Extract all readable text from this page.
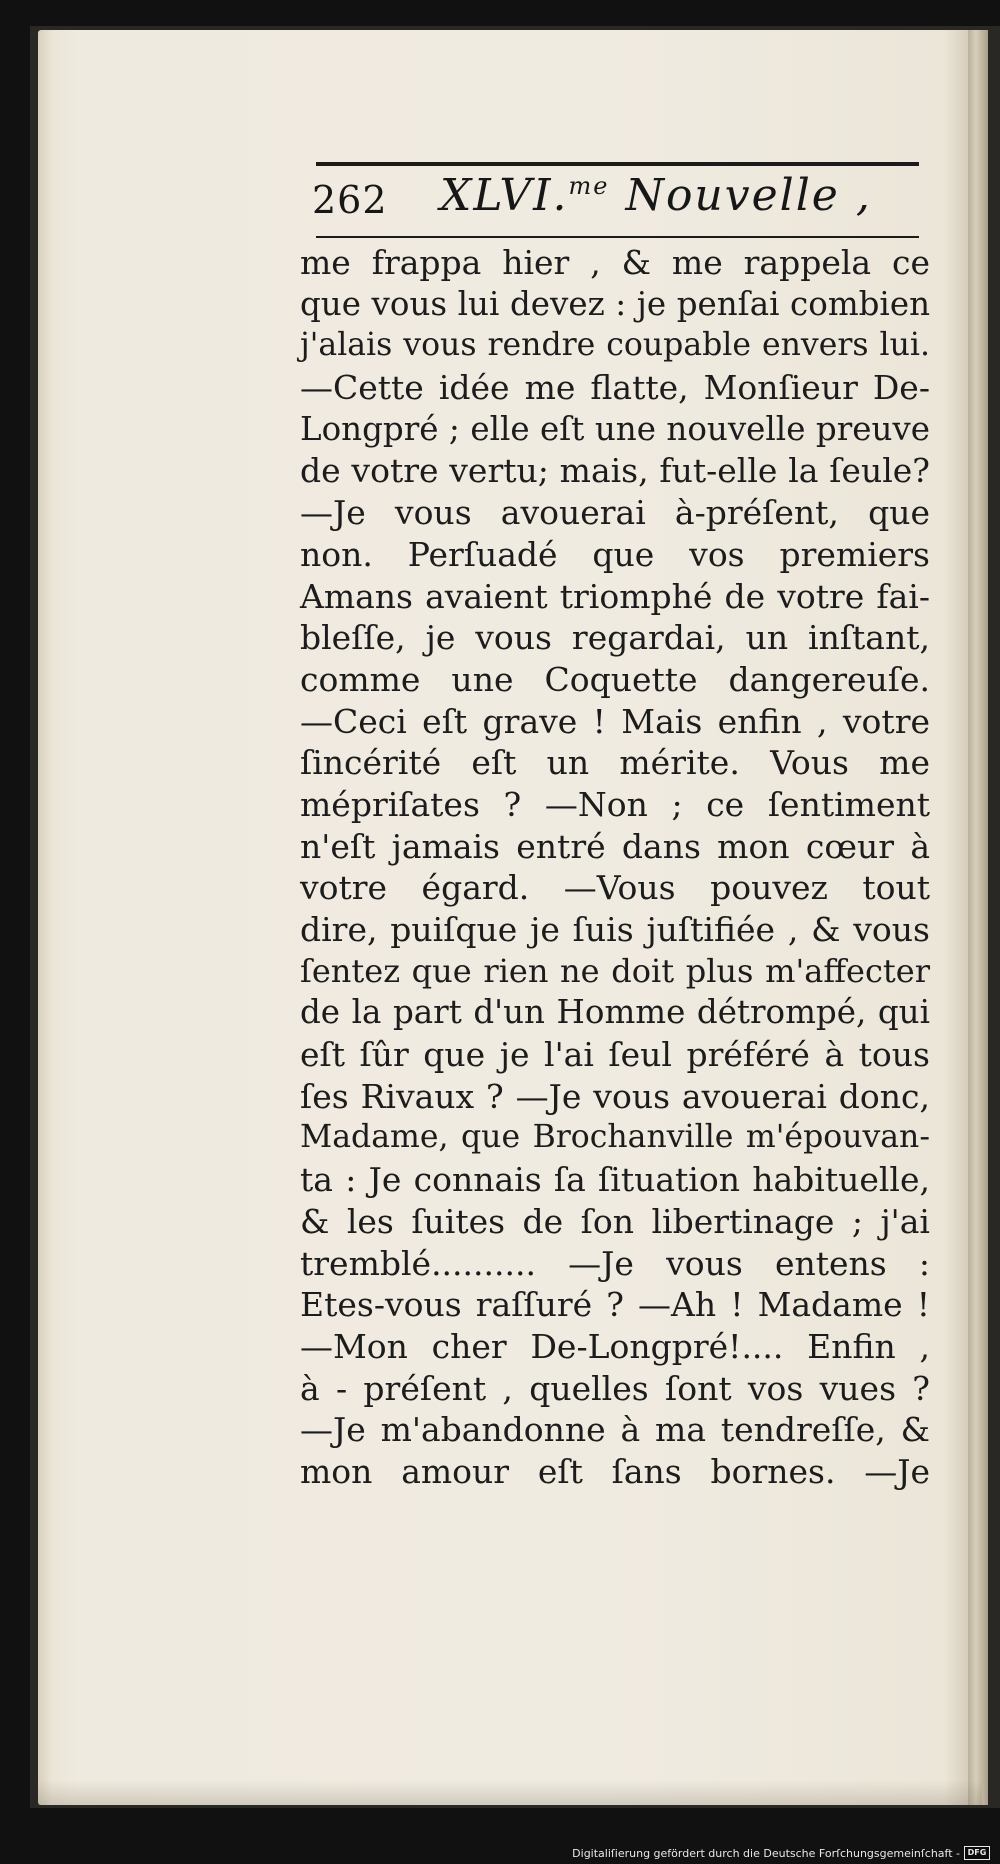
262 XLVI.$^{me}$ Nouvelle ,
me frappa hier , & me rappela ce
que vous lui devez : je penſai combien
j'alais vous rendre coupable envers lui.
—Cette idée me flatte, Monſieur De-
Longpré ; elle eſt une nouvelle preuve
de votre vertu; mais, fut-elle la ſeule?
—Je vous avouerai à-préſent, que
non. Perſuadé que vos premiers
Amans avaient triomphé de votre fai-
bleſſe, je vous regardai, un inſtant,
comme une Coquette dangereuſe.
—Ceci eſt grave ! Mais enfin , votre
ſincérité eſt un mérite. Vous me
mépriſates ? —Non ; ce ſentiment
n'eſt jamais entré dans mon cœur à
votre égard. —Vous pouvez tout
dire, puiſque je ſuis juſtifiée , & vous
ſentez que rien ne doit plus m'affecter
de la part d'un Homme détrompé, qui
eſt ſûr que je l'ai ſeul préféré à tous
ſes Rivaux ? —Je vous avouerai donc,
Madame, que Brochanville m'épouvan-
ta : Je connais ſa ſituation habituelle,
& les ſuites de ſon libertinage ; j'ai
tremblé.......... —Je vous entens :
Etes-vous raſſuré ? —Ah ! Madame !
—Mon cher De-Longpré!.... Enfin ,
à - préſent , quelles ſont vos vues ?
—Je m'abandonne à ma tendreſſe, &
mon amour eſt ſans bornes. —Je
Digitaliſierung gefördert durch die Deutsche Forſchungsgemeinſchaft - DFG
